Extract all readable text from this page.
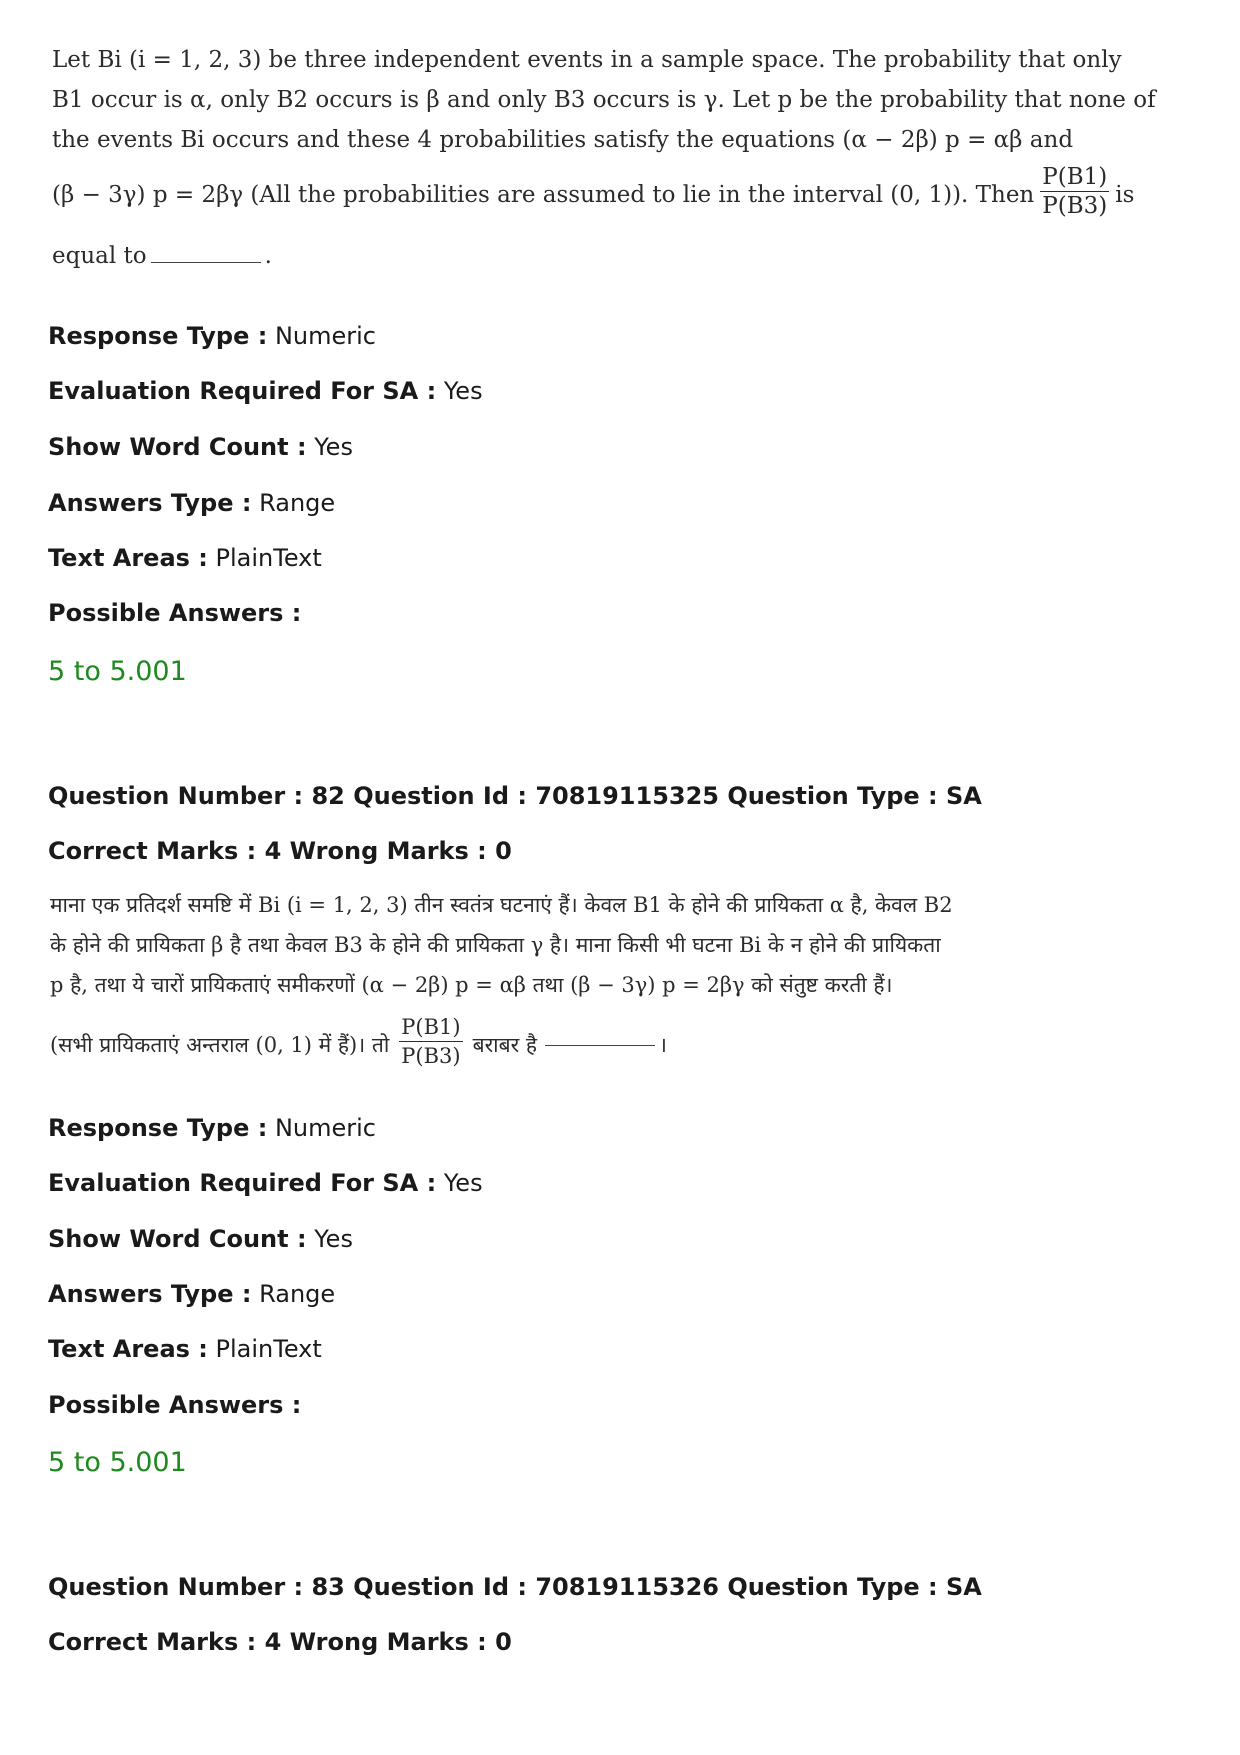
Let Bi (i = 1, 2, 3) be three independent events in a sample space. The probability that only
B1 occur is α, only B2 occurs is β and only B3 occurs is γ. Let p be the probability that none of
the events Bi occurs and these 4 probabilities satisfy the equations (α − 2β) p = αβ and
(β − 3γ) p = 2βγ (All the probabilities are assumed to lie in the interval (0, 1)). Then $\frac{P(B1)}{P(B3)}$ is
equal to	.
Response Type : Numeric
Evaluation Required For SA : Yes
Show Word Count : Yes
Answers Type : Range
Text Areas : PlainText
Possible Answers :
5 to 5.001
Question Number : 82 Question Id : 70819115325 Question Type : SA
Correct Marks : 4 Wrong Marks : 0
माना एक प्रतिदर्श समष्टि में Bi (i = 1, 2, 3) तीन स्वतंत्र घटनाएं हैं। केवल B1 के होने की प्रायिकता α है, केवल B2
के होने की प्रायिकता β है तथा केवल B3 के होने की प्रायिकता γ है। माना किसी भी घटना Bi के न होने की प्रायिकता
p है, तथा ये चारों प्रायिकताएं समीकरणों (α − 2β) p = αβ तथा (β − 3γ) p = 2βγ को संतुष्ट करती हैं।
(सभी प्रायिकताएं अन्तराल (0, 1) में हैं)। तो $\frac{P(B1)}{P(B3)}$ बराबर है	।
Response Type : Numeric
Evaluation Required For SA : Yes
Show Word Count : Yes
Answers Type : Range
Text Areas : PlainText
Possible Answers :
5 to 5.001
Question Number : 83 Question Id : 70819115326 Question Type : SA
Correct Marks : 4 Wrong Marks : 0
